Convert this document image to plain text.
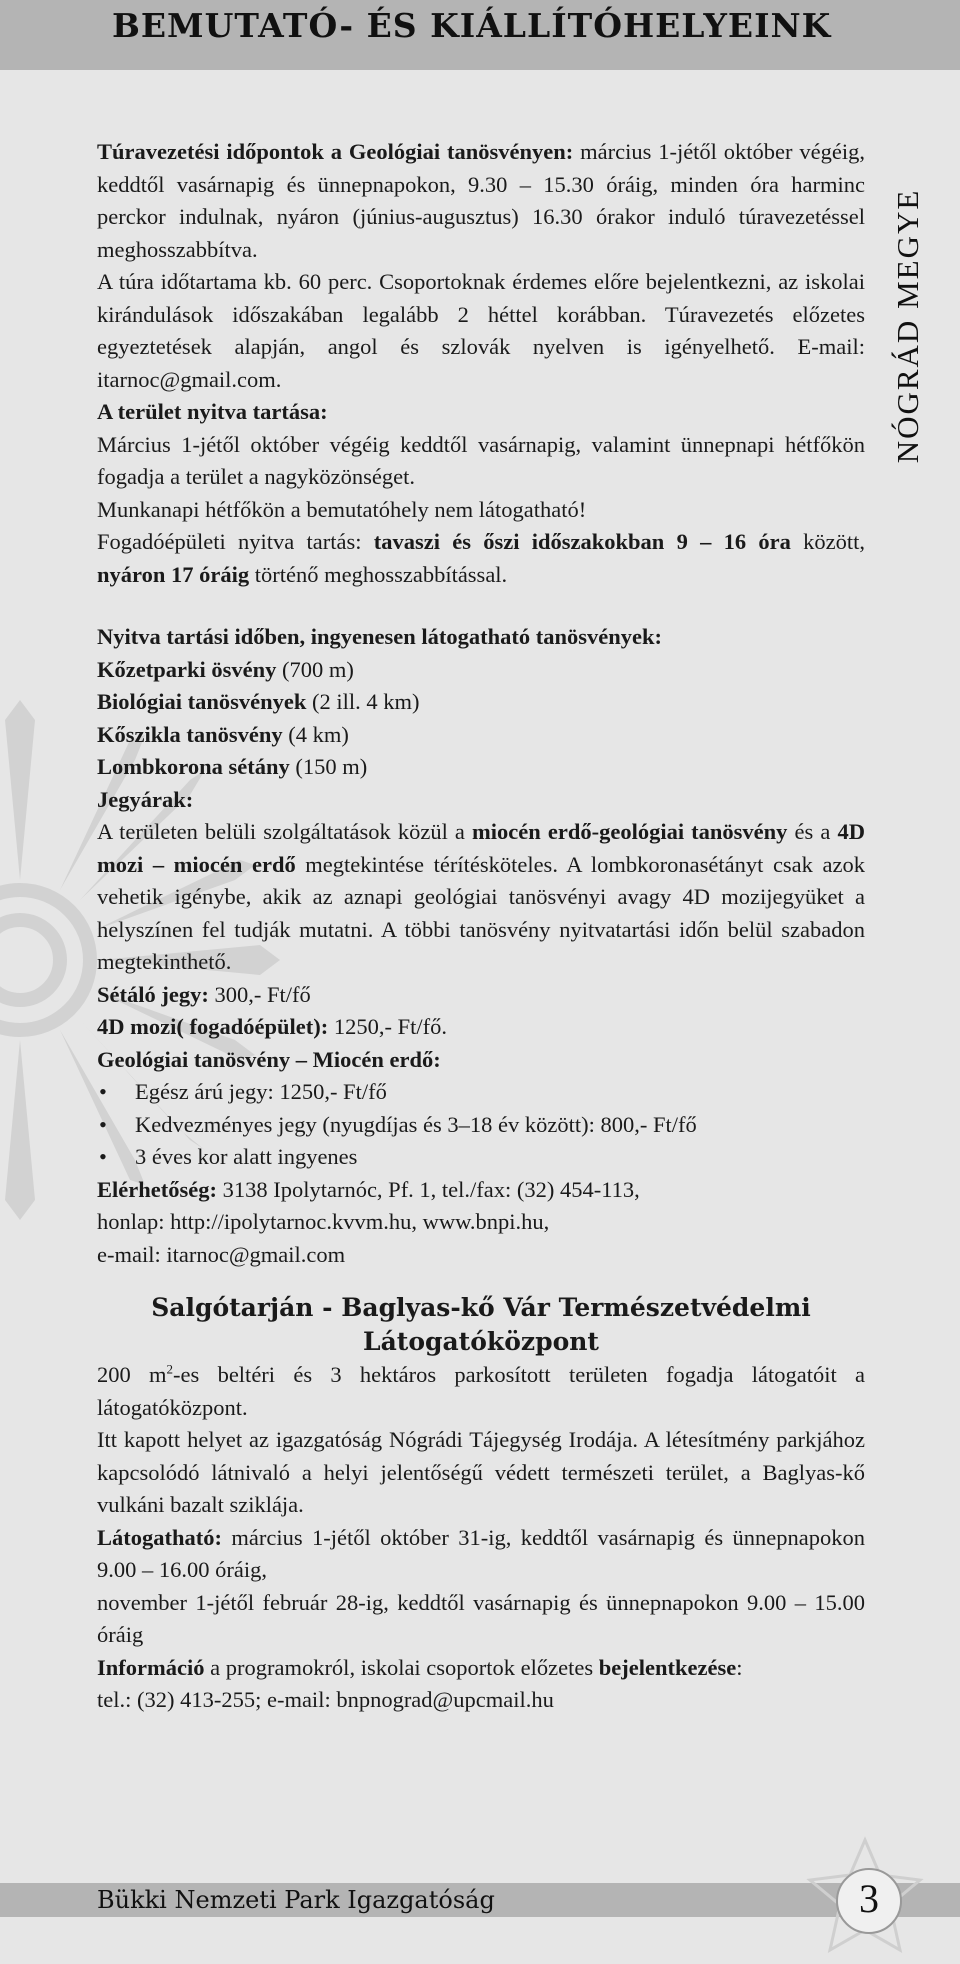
BEMUTATÓ- ÉS KIÁLLÍTÓHELYEINK
NÓGRÁD MEGYE

Túravezetési időpontok a Geológiai tanösvényen: március 1-jétől október végéig, keddtől vasárnapig és ünnepnapokon, 9.30 – 15.30 óráig, minden óra harminc perckor indulnak, nyáron (június-augusztus) 16.30 órakor induló túravezetéssel meghosszabbítva.

A túra időtartama kb. 60 perc. Csoportoknak érdemes előre bejelentkezni, az iskolai kirándulások időszakában legalább 2 héttel korábban. Túravezetés előzetes egyeztetések alapján, angol és szlovák nyelven is igényelhető. E-mail: itarnoc@gmail.com.

A terület nyitva tartása:

Március 1-jétől október végéig keddtől vasárnapig, valamint ünnepnapi hétfőkön fogadja a terület a nagyközönséget.

Munkanapi hétfőkön a bemutatóhely nem látogatható!

Fogadóépületi nyitva tartás: tavaszi és őszi időszakokban 9 – 16 óra között, nyáron 17 óráig történő meghosszabbítással.

Nyitva tartási időben, ingyenesen látogatható tanösvények:

Kőzetparki ösvény (700 m)

Biológiai tanösvények (2 ill. 4 km)

Kőszikla tanösvény (4 km)

Lombkorona sétány (150 m)

Jegyárak:

A területen belüli szolgáltatások közül a miocén erdő-geológiai tanösvény és a 4D mozi – miocén erdő megtekintése térítésköteles. A lombkoronasétányt csak azok vehetik igénybe, akik az aznapi geológiai tanösvényi avagy 4D mozijegyüket a helyszínen fel tudják mutatni. A többi tanösvény nyitvatartási időn belül szabadon megtekinthető.

Sétáló jegy: 300,- Ft/fő

4D mozi( fogadóépület): 1250,- Ft/fő.

Geológiai tanösvény – Miocén erdő:

• Egész árú jegy: 1250,- Ft/fő

• Kedvezményes jegy (nyugdíjas és 3–18 év között): 800,- Ft/fő

• 3 éves kor alatt ingyenes

Elérhetőség: 3138 Ipolytarnóc, Pf. 1, tel./fax: (32) 454-113,

honlap: http://ipolytarnoc.kvvm.hu, www.bnpi.hu,

e-mail: itarnoc@gmail.com

Salgótarján - Baglyas-kő Vár Természetvédelmi Látogatóközpont

200 $m^2-es$ beltéri és 3 hektáros parkosított területen fogadja látogatóit a látogatóközpont.

Itt kapott helyet az igazgatóság Nógrádi Tájegység Irodája. A létesítmény parkjához kapcsolódó látnivaló a helyi jelentőségű védett természeti terület, a Baglyas-kő vulkáni bazalt sziklája.

Látogatható: március 1-jétől október 31-ig, keddtől vasárnapig és ünnepnapokon 9.00 – 16.00 óráig,

november 1-jétől február 28-ig, keddtől vasárnapig és ünnepnapokon 9.00 – 15.00 óráig

Információ a programokról, iskolai csoportok előzetes bejelentkezése:

tel.: (32) 413-255; e-mail: bnpnograd@upcmail.hu

Bükki Nemzeti Park Igazgatóság	3
